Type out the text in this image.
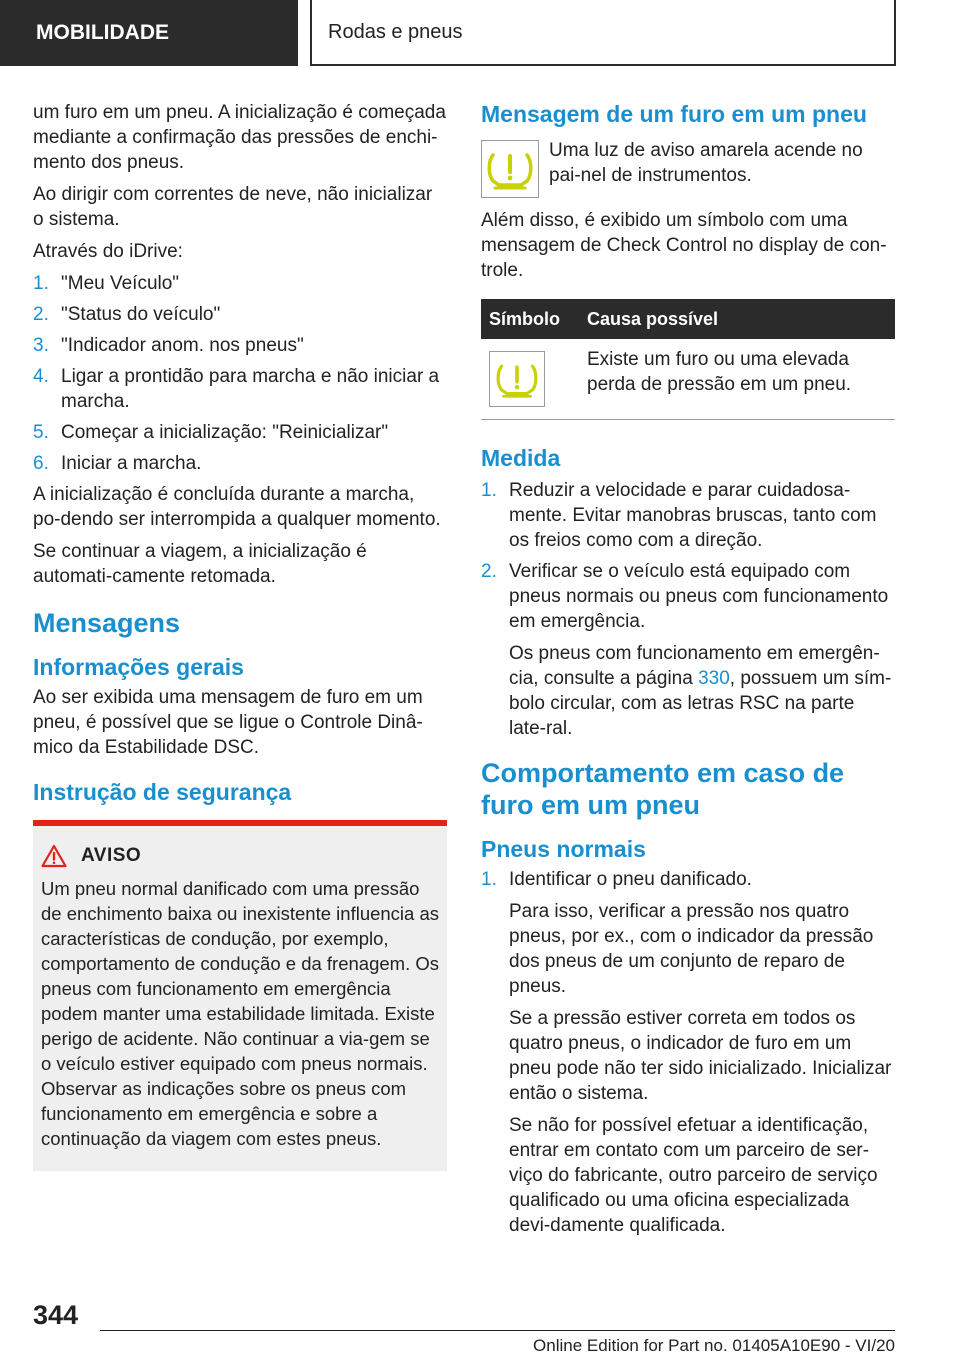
MOBILIDADE	Rodas e pneus

um furo em um pneu. A inicialização é começada mediante a confirmação das pressões de enchi‐mento dos pneus.

Ao dirigir com correntes de neve, não inicializar o sistema.

Através do iDrive:

1. "Meu Veículo"
2. "Status do veículo"
3. "Indicador anom. nos pneus"
4. Ligar a prontidão para marcha e não iniciar a marcha.
5. Começar a inicialização: "Reinicializar"
6. Iniciar a marcha.

A inicialização é concluída durante a marcha, po‐dendo ser interrompida a qualquer momento.

Se continuar a viagem, a inicialização é automati‐camente retomada.

Mensagens
Informações gerais

Ao ser exibida uma mensagem de furo em um pneu, é possível que se ligue o Controle Dinâ‐mico da Estabilidade DSC.

Instrução de segurança
AVISO

Um pneu normal danificado com uma pressão de enchimento baixa ou inexistente influencia as características de condução, por exemplo, comportamento de condução e da frenagem. Os pneus com funcionamento em emergência podem manter uma estabilidade limitada. Existe perigo de acidente. Não continuar a via‐gem se o veículo estiver equipado com pneus normais. Observar as indicações sobre os pneus com funcionamento em emergência e sobre a continuação da viagem com estes pneus.

Mensagem de um furo em um pneu

Uma luz de aviso amarela acende no pai‐nel de instrumentos.

Além disso, é exibido um símbolo com uma mensagem de Check Control no display de con‐trole.

Símbolo	Causa possível

	Existe um furo ou uma elevada perda de pressão em um pneu.
Medida
1. Reduzir a velocidade e parar cuidadosa‐mente. Evitar manobras bruscas, tanto com os freios como com a direção.
2. Verificar se o veículo está equipado com pneus normais ou pneus com funcionamento em emergência.

Os pneus com funcionamento em emergên‐cia, consulte a página 330, possuem um sím‐bolo circular, com as letras RSC na parte late‐ral.

Comportamento em caso de furo em um pneu
Pneus normais
1. Identificar o pneu danificado.

Para isso, verificar a pressão nos quatro pneus, por ex., com o indicador da pressão dos pneus de um conjunto de reparo de pneus.

Se a pressão estiver correta em todos os quatro pneus, o indicador de furo em um pneu pode não ter sido inicializado. Inicializar então o sistema.

Se não for possível efetuar a identificação, entrar em contato com um parceiro de ser‐viço do fabricante, outro parceiro de serviço qualificado ou uma oficina especializada devi‐damente qualificada.

344
Online Edition for Part no. 01405A10E90 - VI/20
